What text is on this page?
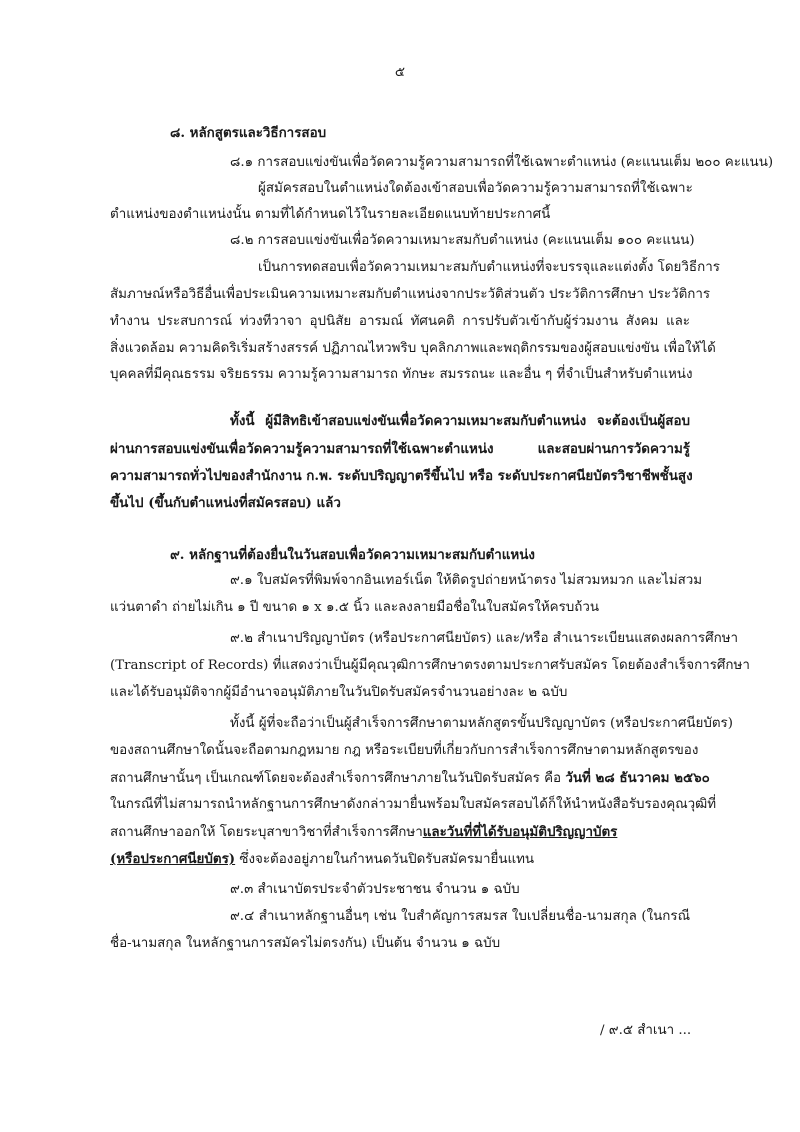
๕
๘. หลักสูตรและวิธีการสอบ
๘.๑ การสอบแข่งขันเพื่อวัดความรู้ความสามารถที่ใช้เฉพาะตำแหน่ง (คะแนนเต็ม ๒๐๐ คะแนน)
ผู้สมัครสอบในตำแหน่งใดต้องเข้าสอบเพื่อวัดความรู้ความสามารถที่ใช้เฉพาะ
ตำแหน่งของตำแหน่งนั้น ตามที่ได้กำหนดไว้ในรายละเอียดแนบท้ายประกาศนี้
๘.๒ การสอบแข่งขันเพื่อวัดความเหมาะสมกับตำแหน่ง (คะแนนเต็ม ๑๐๐ คะแนน)
เป็นการทดสอบเพื่อวัดความเหมาะสมกับตำแหน่งที่จะบรรจุและแต่งตั้ง โดยวิธีการ
สัมภาษณ์หรือวิธีอื่นเพื่อประเมินความเหมาะสมกับตำแหน่งจากประวัติส่วนตัว ประวัติการศึกษา ประวัติการ
ทำงาน ประสบการณ์ ท่วงทีวาจา อุปนิสัย อารมณ์ ทัศนคติ การปรับตัวเข้ากับผู้ร่วมงาน สังคม และ
สิ่งแวดล้อม ความคิดริเริ่มสร้างสรรค์ ปฏิภาณไหวพริบ บุคลิกภาพและพฤติกรรมของผู้สอบแข่งขัน เพื่อให้ได้
บุคคลที่มีคุณธรรม จริยธรรม ความรู้ความสามารถ ทักษะ สมรรถนะ และอื่น ๆ ที่จำเป็นสำหรับตำแหน่ง
ทั้งนี้ ผู้มีสิทธิเข้าสอบแข่งขันเพื่อวัดความเหมาะสมกับตำแหน่ง จะต้องเป็นผู้สอบ
ผ่านการสอบแข่งขันเพื่อวัดความรู้ความสามารถที่ใช้เฉพาะตำแหน่ง และสอบผ่านการวัดความรู้
ความสามารถทั่วไปของสำนักงาน ก.พ. ระดับปริญญาตรีขึ้นไป หรือ ระดับประกาศนียบัตรวิชาชีพชั้นสูง
ขึ้นไป (ขึ้นกับตำแหน่งที่สมัครสอบ) แล้ว
๙. หลักฐานที่ต้องยื่นในวันสอบเพื่อวัดความเหมาะสมกับตำแหน่ง
๙.๑ ใบสมัครที่พิมพ์จากอินเทอร์เน็ต ให้ติดรูปถ่ายหน้าตรง ไม่สวมหมวก และไม่สวม
แว่นตาดำ ถ่ายไม่เกิน ๑ ปี ขนาด ๑ x ๑.๕ นิ้ว และลงลายมือชื่อในใบสมัครให้ครบถ้วน
๙.๒ สำเนาปริญญาบัตร (หรือประกาศนียบัตร) และ/หรือ สำเนาระเบียนแสดงผลการศึกษา
(Transcript of Records) ที่แสดงว่าเป็นผู้มีคุณวุฒิการศึกษาตรงตามประกาศรับสมัคร โดยต้องสำเร็จการศึกษา
และได้รับอนุมัติจากผู้มีอำนาจอนุมัติภายในวันปิดรับสมัครจำนวนอย่างละ ๒ ฉบับ
ทั้งนี้ ผู้ที่จะถือว่าเป็นผู้สำเร็จการศึกษาตามหลักสูตรขั้นปริญญาบัตร (หรือประกาศนียบัตร)
ของสถานศึกษาใดนั้นจะถือตามกฎหมาย กฎ หรือระเบียบที่เกี่ยวกับการสำเร็จการศึกษาตามหลักสูตรของ
สถานศึกษานั้นๆ เป็นเกณฑ์โดยจะต้องสำเร็จการศึกษาภายในวันปิดรับสมัคร คือ วันที่ ๒๘ ธันวาคม ๒๕๖๐
ในกรณีที่ไม่สามารถนำหลักฐานการศึกษาดังกล่าวมายื่นพร้อมใบสมัครสอบได้ก็ให้นำหนังสือรับรองคุณวุฒิที่
สถานศึกษาออกให้ โดยระบุสาขาวิชาที่สำเร็จการศึกษาและวันที่ที่ได้รับอนุมัติปริญญาบัตร
(หรือประกาศนียบัตร) ซึ่งจะต้องอยู่ภายในกำหนดวันปิดรับสมัครมายื่นแทน
๙.๓ สำเนาบัตรประจำตัวประชาชน จำนวน ๑ ฉบับ
๙.๔ สำเนาหลักฐานอื่นๆ เช่น ใบสำคัญการสมรส ใบเปลี่ยนชื่อ-นามสกุล (ในกรณี
ชื่อ-นามสกุล ในหลักฐานการสมัครไม่ตรงกัน) เป็นต้น จำนวน ๑ ฉบับ
/ ๙.๕ สำเนา ...
